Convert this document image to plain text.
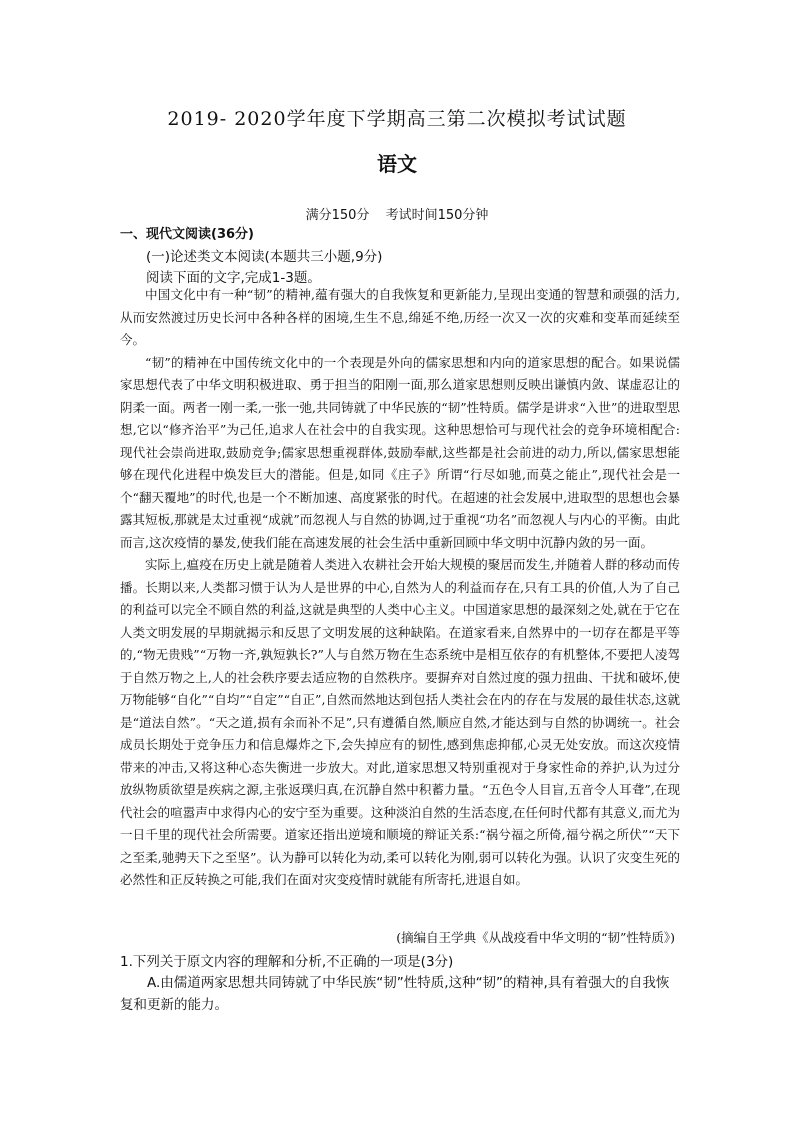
2019- 2020学年度下学期高三第二次模拟考试试题
语文
满分150分 考试时间150分钟
一、现代文阅读(36分)
(一)论述类文本阅读(本题共三小题,9分)
阅读下面的文字,完成1-3题。

中国文化中有一种“韧”的精神,蕴有强大的自我恢复和更新能力,呈现出变通的智慧和顽强的活力,从而安然渡过历史长河中各种各样的困境,生生不息,绵延不绝,历经一次又一次的灾难和变革而延续至今。

“韧”的精神在中国传统文化中的一个表现是外向的儒家思想和内向的道家思想的配合。如果说儒家思想代表了中华文明积极进取、勇于担当的阳刚一面,那么道家思想则反映出谦慎内敛、谋虚忍让的阴柔一面。两者一刚一柔,一张一弛,共同铸就了中华民族的“韧”性特质。儒学是讲求“入世”的进取型思想,它以“修齐治平”为己任,追求人在社会中的自我实现。这种思想恰可与现代社会的竞争环境相配合:现代社会崇尚进取,鼓励竞争;儒家思想重视群体,鼓励奉献,这些都是社会前进的动力,所以,儒家思想能够在现代化进程中焕发巨大的潜能。但是,如同《庄子》所谓“行尽如驰,而莫之能止”,现代社会是一个“翻天覆地”的时代,也是一个不断加速、高度紧张的时代。在超速的社会发展中,进取型的思想也会暴露其短板,那就是太过重视“成就”而忽视人与自然的协调,过于重视“功名”而忽视人与内心的平衡。由此而言,这次疫情的暴发,使我们能在高速发展的社会生活中重新回顾中华文明中沉静内敛的另一面。

实际上,瘟疫在历史上就是随着人类进入农耕社会开始大规模的聚居而发生,并随着人群的移动而传播。长期以来,人类都习惯于认为人是世界的中心,自然为人的利益而存在,只有工具的价值,人为了自己的利益可以完全不顾自然的利益,这就是典型的人类中心主义。中国道家思想的最深刻之处,就在于它在人类文明发展的早期就揭示和反思了文明发展的这种缺陷。在道家看来,自然界中的一切存在都是平等的,“物无贵贱”“万物一齐,孰短孰长?”人与自然万物在生态系统中是相互依存的有机整体,不要把人凌驾于自然万物之上,人的社会秩序要去适应物的自然秩序。要摒弃对自然过度的强力扭曲、干扰和破坏,使万物能够“自化”“自均”“自定”“自正”,自然而然地达到包括人类社会在内的存在与发展的最佳状态,这就是“道法自然”。“天之道,损有余而补不足”,只有遵循自然,顺应自然,才能达到与自然的协调统一。社会成员长期处于竞争压力和信息爆炸之下,会失掉应有的韧性,感到焦虑抑郁,心灵无处安放。而这次疫情带来的冲击,又将这种心态失衡进一步放大。对此,道家思想又特别重视对于身家性命的养护,认为过分放纵物质欲望是疾病之源,主张返璞归真,在沉静自然中积蓄力量。“五色令人目盲,五音令人耳聋”,在现代社会的喧嚣声中求得内心的安宁至为重要。这种淡泊自然的生活态度,在任何时代都有其意义,而尤为一日千里的现代社会所需要。道家还指出逆境和顺境的辩证关系:“祸兮福之所倚,福兮祸之所伏”“天下之至柔,驰骋天下之至坚”。认为静可以转化为动,柔可以转化为刚,弱可以转化为强。认识了灾变生死的必然性和正反转换之可能,我们在面对灾变疫情时就能有所寄托,进退自如。

(摘编自王学典《从战疫看中华文明的“韧”性特质》)
1.下列关于原文内容的理解和分析,不正确的一项是(3分)
A.由儒道两家思想共同铸就了中华民族“韧”性特质,这种“韧”的精神,具有着强大的自我恢复和更新的能力。
